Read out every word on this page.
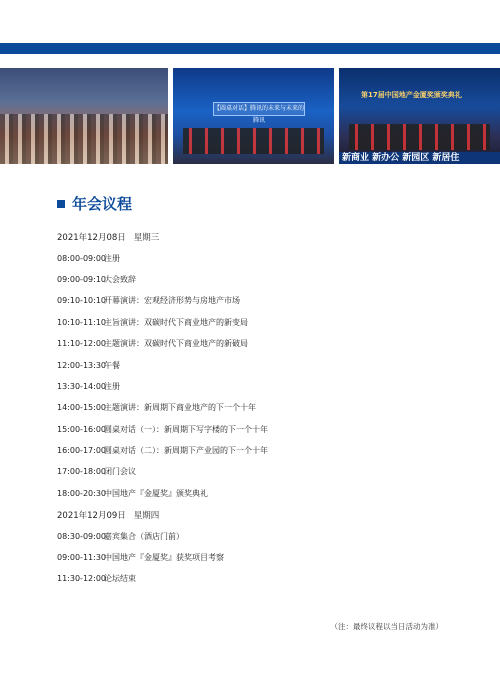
【圆桌对话】腾讯的未来与未来的腾讯
第17届中国地产金厦奖颁奖典礼
新商业 新办公 新园区 新居住
年会议程
2021年12月08日 星期三
08:00-09:00
注册
09:00-09:10
大会致辞
09:10-10:10
开幕演讲：宏观经济形势与房地产市场
10:10-11:10
主旨演讲：双碳时代下商业地产的新变局
11:10-12:00
主题演讲：双碳时代下商业地产的新破局
12:00-13:30
午餐
13:30-14:00
注册
14:00-15:00
主题演讲：新周期下商业地产的下一个十年
15:00-16:00
圆桌对话（一）：新周期下写字楼的下一个十年
16:00-17:00
圆桌对话（二）：新周期下产业园的下一个十年
17:00-18:00
闭门会议
18:00-20:30
中国地产『金厦奖』颁奖典礼
2021年12月09日 星期四
08:30-09:00
嘉宾集合（酒店门前）
09:00-11:30
中国地产『金厦奖』获奖项目考察
11:30-12:00
论坛结束
（注：最终议程以当日活动为准）
